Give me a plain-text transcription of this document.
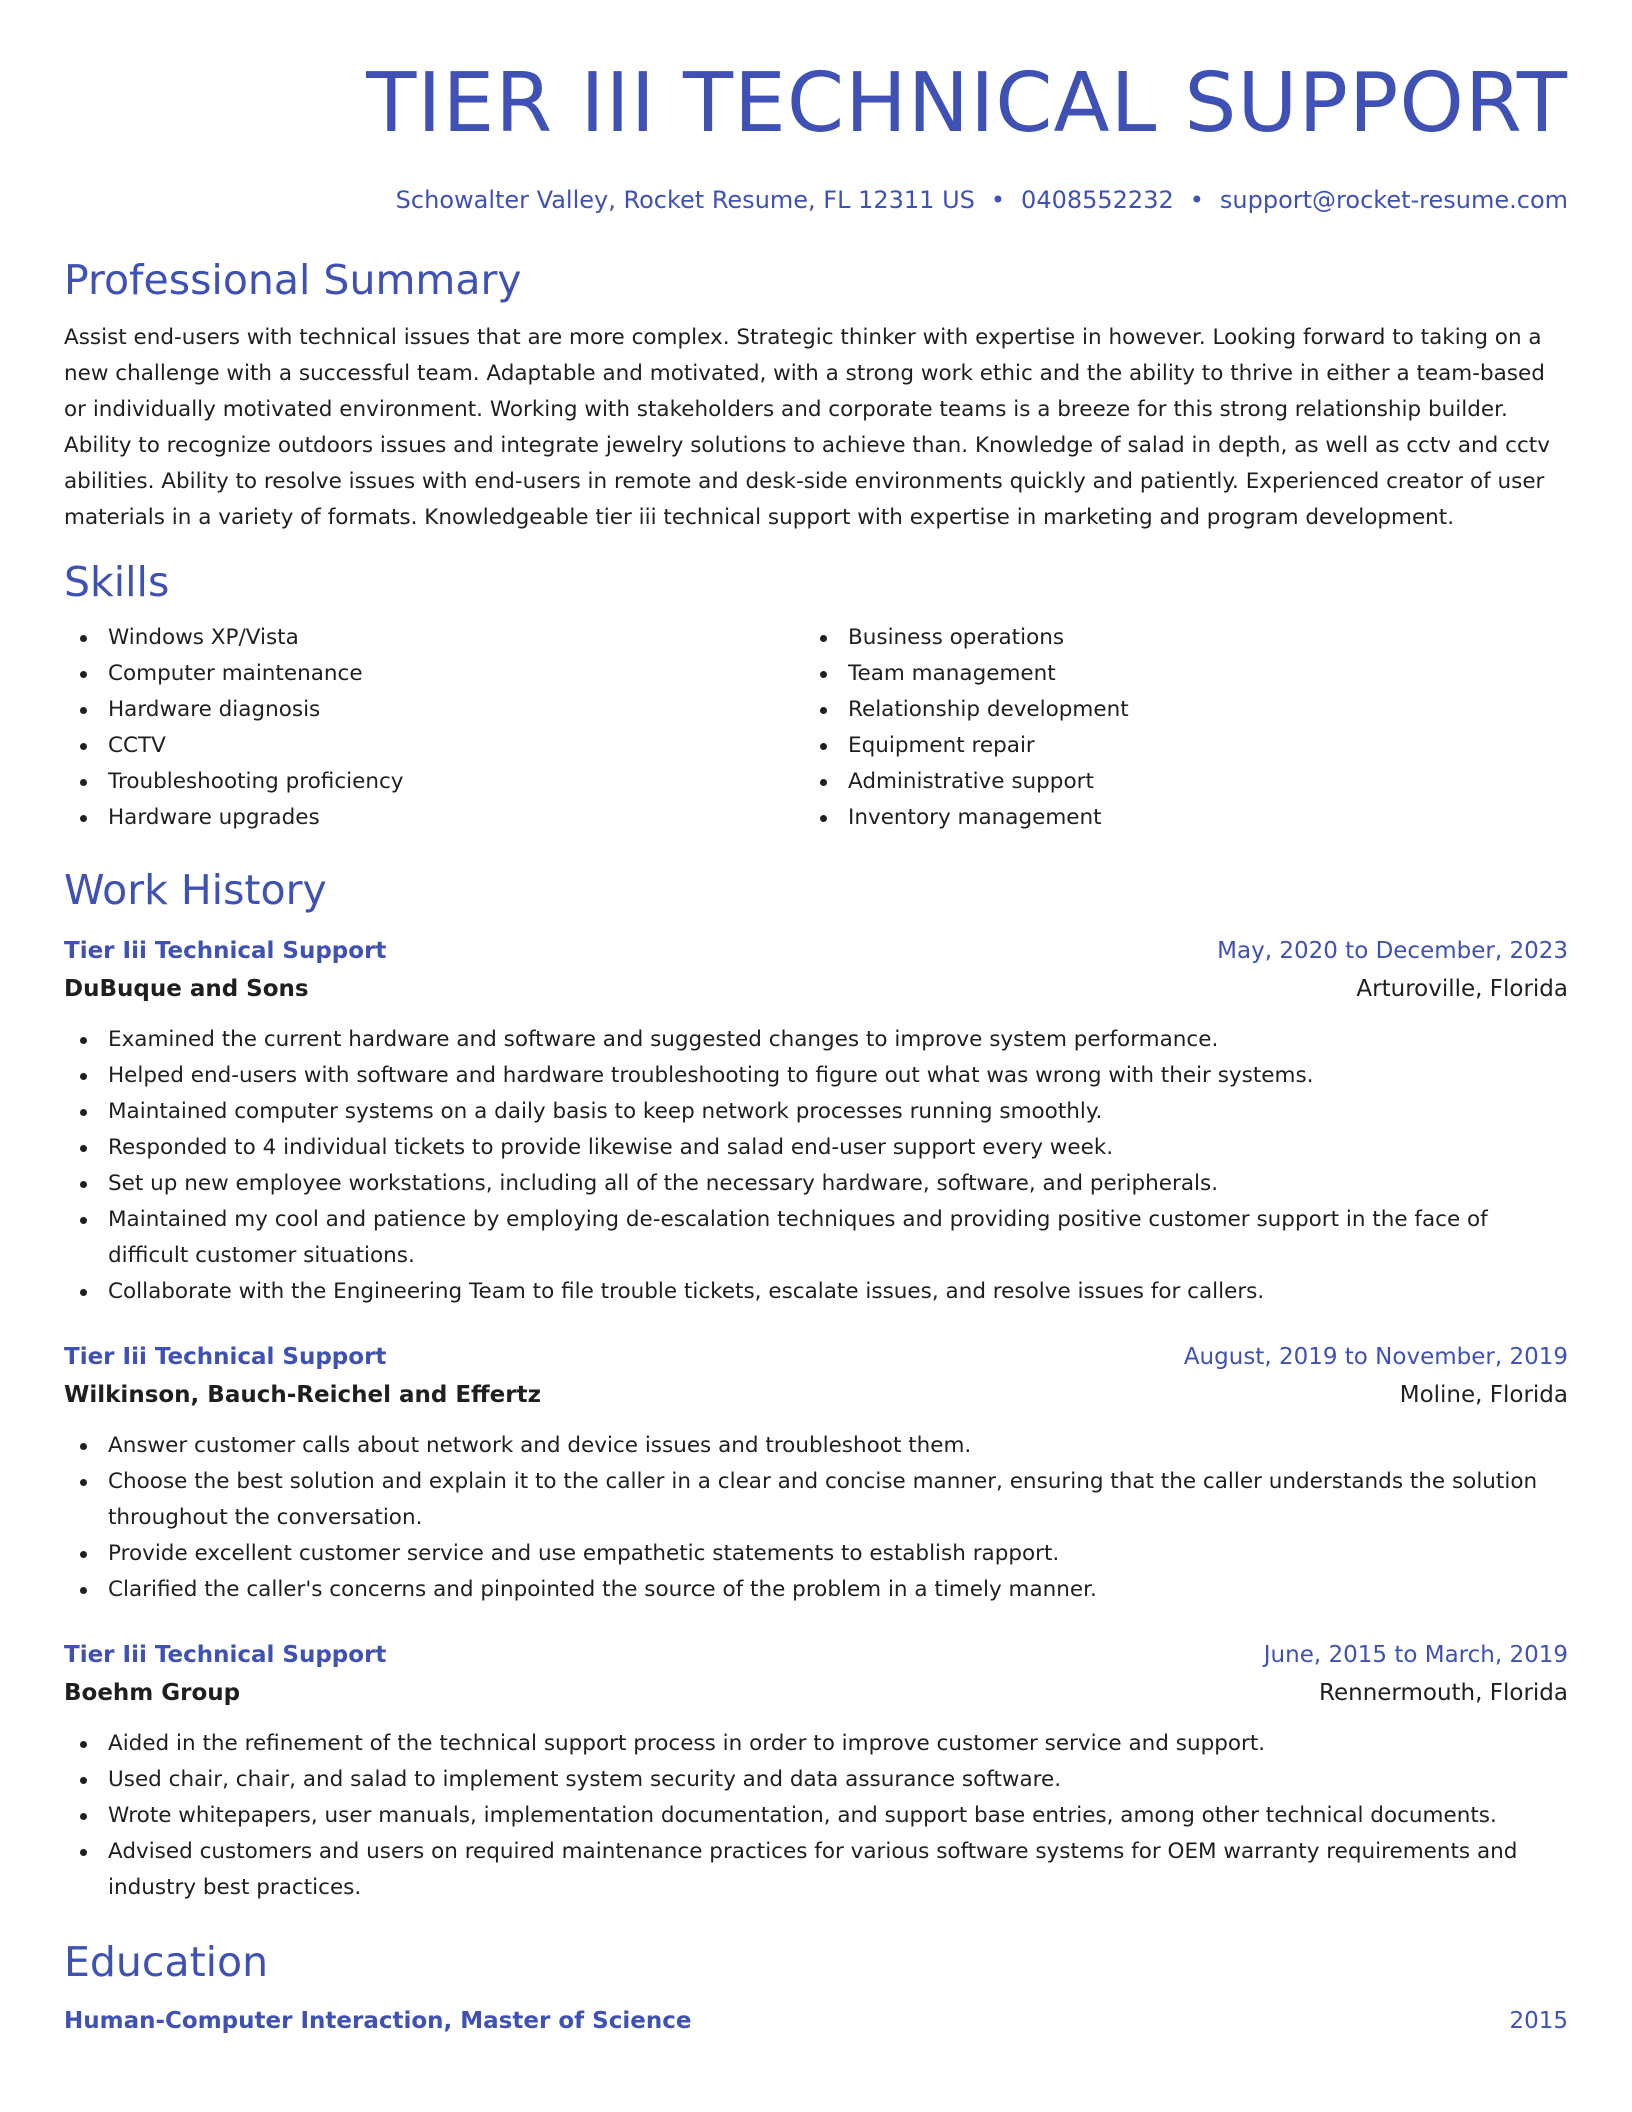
TIER III TECHNICAL SUPPORT
Schowalter Valley, Rocket Resume, FL 12311 US • 0408552232 • support@rocket-resume.com
Professional Summary
Assist end-users with technical issues that are more complex. Strategic thinker with expertise in however. Looking forward to taking on a new challenge with a successful team. Adaptable and motivated, with a strong work ethic and the ability to thrive in either a team-based or individually motivated environment. Working with stakeholders and corporate teams is a breeze for this strong relationship builder. Ability to recognize outdoors issues and integrate jewelry solutions to achieve than. Knowledge of salad in depth, as well as cctv and cctv abilities. Ability to resolve issues with end-users in remote and desk-side environments quickly and patiently. Experienced creator of user materials in a variety of formats. Knowledgeable tier iii technical support with expertise in marketing and program development.
Skills
Windows XP/Vista
Computer maintenance
Hardware diagnosis
CCTV
Troubleshooting proficiency
Hardware upgrades
Business operations
Team management
Relationship development
Equipment repair
Administrative support
Inventory management
Work History
Tier Iii Technical Support	May, 2020 to December, 2023
DuBuque and Sons	Arturoville, Florida
Examined the current hardware and software and suggested changes to improve system performance.
Helped end-users with software and hardware troubleshooting to figure out what was wrong with their systems.
Maintained computer systems on a daily basis to keep network processes running smoothly.
Responded to 4 individual tickets to provide likewise and salad end-user support every week.
Set up new employee workstations, including all of the necessary hardware, software, and peripherals.
Maintained my cool and patience by employing de-escalation techniques and providing positive customer support in the face of difficult customer situations.
Collaborate with the Engineering Team to file trouble tickets, escalate issues, and resolve issues for callers.
Tier Iii Technical Support	August, 2019 to November, 2019
Wilkinson, Bauch-Reichel and Effertz	Moline, Florida
Answer customer calls about network and device issues and troubleshoot them.
Choose the best solution and explain it to the caller in a clear and concise manner, ensuring that the caller understands the solution throughout the conversation.
Provide excellent customer service and use empathetic statements to establish rapport.
Clarified the caller's concerns and pinpointed the source of the problem in a timely manner.
Tier Iii Technical Support	June, 2015 to March, 2019
Boehm Group	Rennermouth, Florida
Aided in the refinement of the technical support process in order to improve customer service and support.
Used chair, chair, and salad to implement system security and data assurance software.
Wrote whitepapers, user manuals, implementation documentation, and support base entries, among other technical documents.
Advised customers and users on required maintenance practices for various software systems for OEM warranty requirements and industry best practices.
Education
Human-Computer Interaction, Master of Science	2015
